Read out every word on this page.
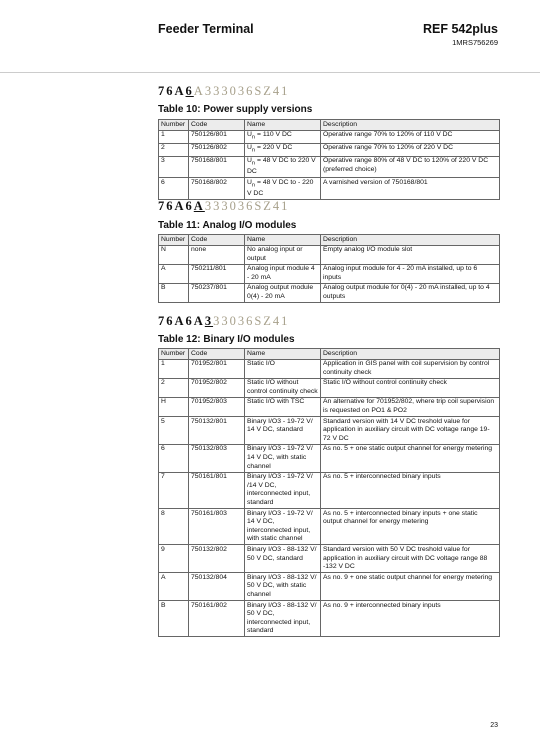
Feeder Terminal	REF 542plus
1MRS756269
76A6A333036SZ41
Table 10: Power supply versions
Number	Code	Name	Description
1	750126/801	$U_n = 110$ V DC	Operative range 70% to 120% of 110 V DC
2	750126/802	$U_n = 220$ V DC	Operative range 70% to 120% of 220 V DC
3	750168/801	$U_n = 48$ V DC to 220 V DC	Operative range 80% of 48 V DC to 120% of 220 V DC (preferred choice)
6	750168/802	$U_n = 48$ V DC to - 220 V DC	A varnished version of 750168/801
76A6A333036SZ41
Table 11: Analog I/O modules
Number	Code	Name	Description
N	none	No analog input or output	Empty analog I/O module slot
A	750211/801	Analog input module 4 - 20 mA	Analog input module for 4 - 20 mA installed, up to 6 inputs
B	750237/801	Analog output module 0(4) - 20 mA	Analog output module for 0(4) - 20 mA installed, up to 4 outputs
76A6A333036SZ41
Table 12: Binary I/O modules
Number	Code	Name	Description
1	701952/801	Static I/O	Application in GIS panel with coil supervision by control continuity check
2	701952/802	Static I/O without control continuity check	Static I/O without control continuity check
H	701952/803	Static I/O with TSC	An alternative for 701952/802, where trip coil supervision is requested on PO1 & PO2
5	750132/801	Binary I/O3 - 19-72 V/ 14 V DC, standard	Standard version with 14 V DC treshold value for application in auxiliary circuit with DC voltage range 19-72 V DC
6	750132/803	Binary I/O3 - 19-72 V/ 14 V DC, with static channel	As no. 5 + one static output channel for energy metering
7	750161/801	Binary I/O3 - 19-72 V/ /14 V DC, interconnected input, standard	As no. 5 + interconnected binary inputs
8	750161/803	Binary I/O3 - 19-72 V/ 14 V DC, interconnected input, with static channel	As no. 5 + interconnected binary inputs + one static output channel for energy metering
9	750132/802	Binary I/O3 - 88-132 V/ 50 V DC, standard	Standard version with 50 V DC treshold value for application in auxiliary circuit with DC voltage range 88 -132 V DC
A	750132/804	Binary I/O3 - 88-132 V/ 50 V DC, with static channel	As no. 9 + one static output channel for energy metering
B	750161/802	Binary I/O3 - 88-132 V/ 50 V DC, interconnected input, standard	As no. 9 + interconnected binary inputs
23
